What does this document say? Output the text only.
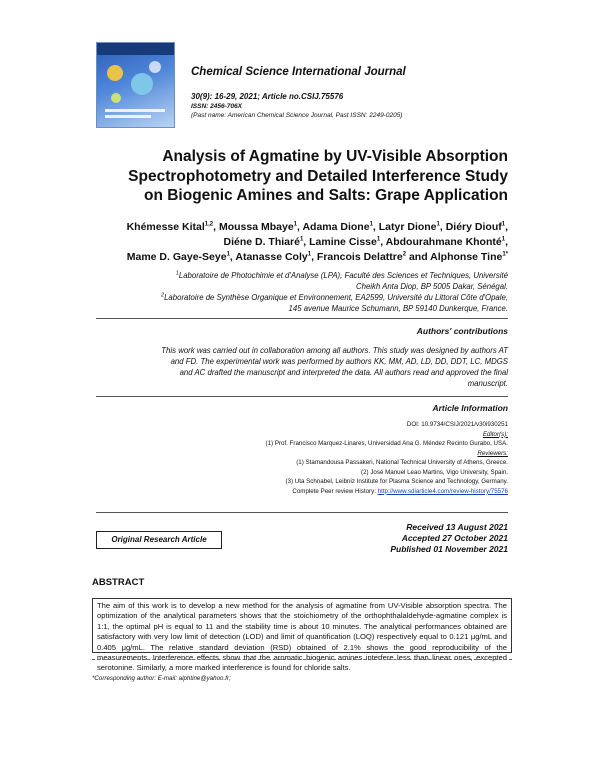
Chemical Science International Journal
30(9): 16-29, 2021; Article no.CSIJ.75576
ISSN: 2456-706X
(Past name: American Chemical Science Journal, Past ISSN: 2249-0205)
Analysis of Agmatine by UV-Visible Absorption
Spectrophotometry and Detailed Interference Study
on Biogenic Amines and Salts: Grape Application
Khémesse Kital$^{1,2}$, Moussa Mbaye$^1$, Adama Dione$^1$, Latyr Dione$^1$, Diéry Diouf$^1$,
Diéne D. Thiaré$^1$, Lamine Cisse$^1$, Abdourahmane Khonté$^1$,
Mame D. Gaye-Seye$^1$, Atanasse Coly$^1$, Francois Delattre$^2$ and Alphonse Tine$^{1*}$
$^1$Laboratoire de Photochimie et d'Analyse (LPA), Faculté des Sciences et Techniques, Université
Cheikh Anta Diop, BP 5005 Dakar, Sénégal.
$^2$Laboratoire de Synthèse Organique et Environnement, EA2599, Université du Littoral Côte d'Opale,
145 avenue Maurice Schumann, BP 59140 Dunkerque, France.
Authors' contributions
This work was carried out in collaboration among all authors. This study was designed by authors AT
and FD. The experimental work was performed by authors KK, MM, AD, LD, DD, DDT, LC, MDGS
and AC drafted the manuscript and interpreted the data. All authors read and approved the final
manuscript.
Article Information
DOI: 10.9734/CSIJ/2021/v30i930251
Editor(s):
(1) Prof. Francisco Marquez-Linares, Universidad Ana G. Méndez Recinto Gurabo, USA.
Reviewers:
(1) Stamandousa Passakeri, National Technical University of Athens, Greece.
(2) José Manuel Leao Martins, Vigo University, Spain.
(3) Uta Schnabel, Leibniz Institute for Plasma Science and Technology, Germany.
Complete Peer review History: http://www.sdiarticle4.com/review-history/75576
Original Research Article
Received 13 August 2021
Accepted 27 October 2021
Published 01 November 2021
ABSTRACT
The aim of this work is to develop a new method for the analysis of agmatine from UV-Visible absorption spectra. The optimization of the analytical parameters shows that the stoichiometry of the orthophthalaldehyde-agmatine complex is 1:1, the optimal pH is equal to 11 and the stability time is about 10 minutes. The analytical performances obtained are satisfactory with very low limit of detection (LOD) and limit of quantification (LOQ) respectively equal to 0.121 μg/mL and 0.405 μg/mL. The relative standard deviation (RSD) obtained of 2.1% shows the good reproducibility of the measurements. Interference effects show that the aromatic biogenic amines interfere less than linear ones, excepted serotonine. Similarly, a more marked interference is found for chloride salts.
*Corresponding author: E-mail: alphtine@yahoo.fr;
